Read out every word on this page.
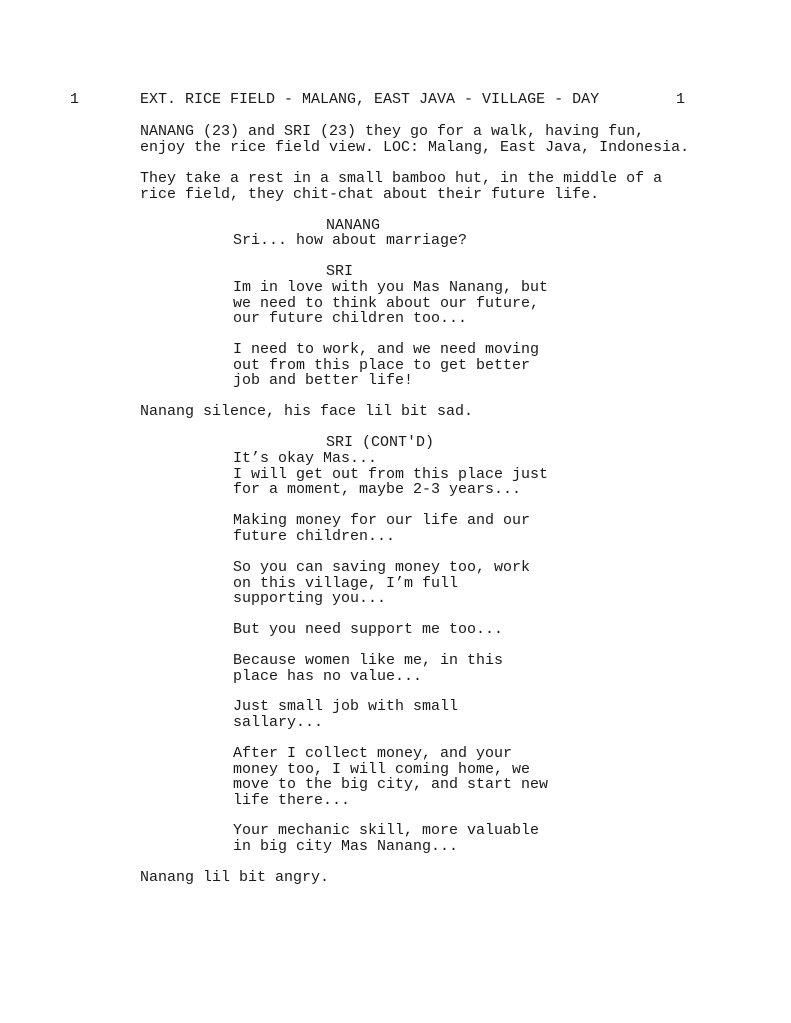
1	EXT. RICE FIELD - MALANG, EAST JAVA - VILLAGE - DAY	1
NANANG (23) and SRI (23) they go for a walk, having fun,
enjoy the rice field view. LOC: Malang, East Java, Indonesia.
They take a rest in a small bamboo hut, in the middle of a
rice field, they chit-chat about their future life.
NANANG
Sri... how about marriage?
SRI
Im in love with you Mas Nanang, but
we need to think about our future,
our future children too...
I need to work, and we need moving
out from this place to get better
job and better life!
Nanang silence, his face lil bit sad.
SRI (CONT'D)
It’s okay Mas...
I will get out from this place just
for a moment, maybe 2-3 years...
Making money for our life and our
future children...
So you can saving money too, work
on this village, I’m full
supporting you...
But you need support me too...
Because women like me, in this
place has no value...
Just small job with small
sallary...
After I collect money, and your
money too, I will coming home, we
move to the big city, and start new
life there...
Your mechanic skill, more valuable
in big city Mas Nanang...
Nanang lil bit angry.
